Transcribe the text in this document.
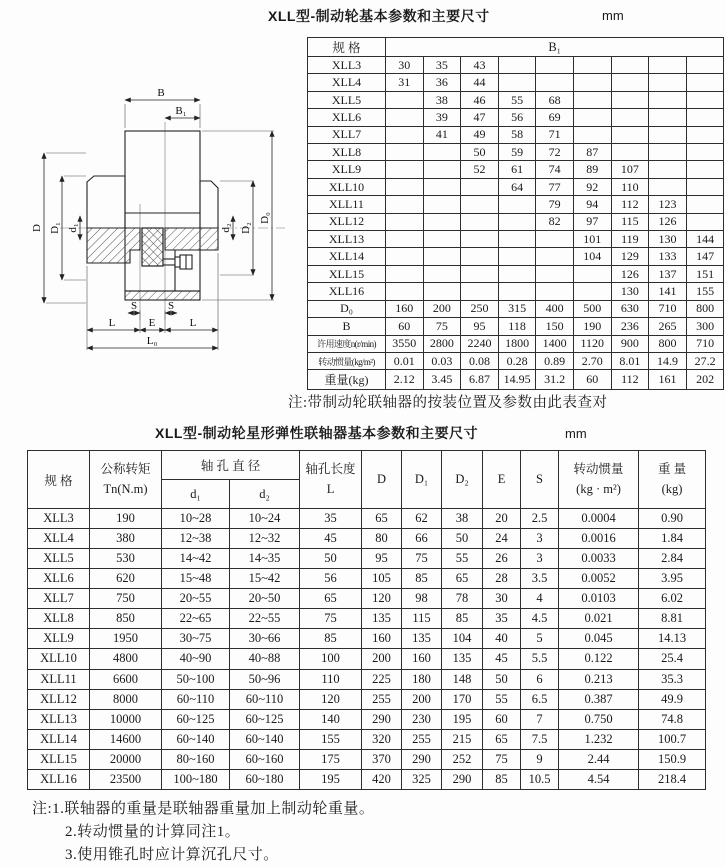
XLL型-制动轮基本参数和主要尺寸	mm
B
B₁
D D₁ d₁	d₂ D₂
D₀
S	S
L	E	L
L₀
规 格	B₁								
XLL3	30	35	43						
XLL4	31	36	44						
XLL5		38	46	55	68				
XLL6		39	47	56	69				
XLL7		41	49	58	71				
XLL8			50	59	72	87			
XLL9			52	61	74	89	107		
XLL10				64	77	92	110		
XLL11					79	94	112	123	
XLL12					82	97	115	126	
XLL13						101	119	130	144
XLL14						104	129	133	147
XLL15							126	137	151
XLL16							130	141	155
D₀	160	200	250	315	400	500	630	710	800
B	60	75	95	118	150	190	236	265	300
许用速度n(r/min)	3550	2800	2240	1800	1400	1120	900	800	710
转动惯量(kg/m²)	0.01	0.03	0.08	0.28	0.89	2.70	8.01	14.9	27.2
重量(kg)	2.12	3.45	6.87	14.95	31.2	60	112	161	202
注:带制动轮联轴器的按装位置及参数由此表查对
XLL型-制动轮星形弹性联轴器基本参数和主要尺寸	mm
规 格	
公称转矩
Tn(N.m)
	轴 孔 直 径	轴孔长度
L
	D	D₁	D₂	E	S	
转动惯量
(kg · m²)

重 量
(kg)

		d₁	d₂								
XLL3	190	10~28	10~24	35	65	62	38	20	2.5	0.0004	0.90
XLL4	380	12~38	12~32	45	80	66	50	24	3	0.0016	1.84
XLL5	530	14~42	14~35	50	95	75	55	26	3	0.0033	2.84
XLL6	620	15~48	15~42	56	105	85	65	28	3.5	0.0052	3.95
XLL7	750	20~55	20~50	65	120	98	78	30	4	0.0103	6.02
XLL8	850	22~65	22~55	75	135	115	85	35	4.5	0.021	8.81
XLL9	1950	30~75	30~66	85	160	135	104	40	5	0.045	14.13
XLL10	4800	40~90	40~88	100	200	160	135	45	5.5	0.122	25.4
XLL11	6600	50~100	50~96	110	225	180	148	50	6	0.213	35.3
XLL12	8000	60~110	60~110	120	255	200	170	55	6.5	0.387	49.9
XLL13	10000	60~125	60~125	140	290	230	195	60	7	0.750	74.8
XLL14	14600	60~140	60~140	155	320	255	215	65	7.5	1.232	100.7
XLL15	20000	80~160	60~160	175	370	290	252	75	9	2.44	150.9
XLL16	23500	100~180	60~180	195	420	325	290	85	10.5	4.54	218.4
注:1.联轴器的重量是联轴器重量加上制动轮重量。
2.转动惯量的计算同注1。
3.使用锥孔时应计算沉孔尺寸。
